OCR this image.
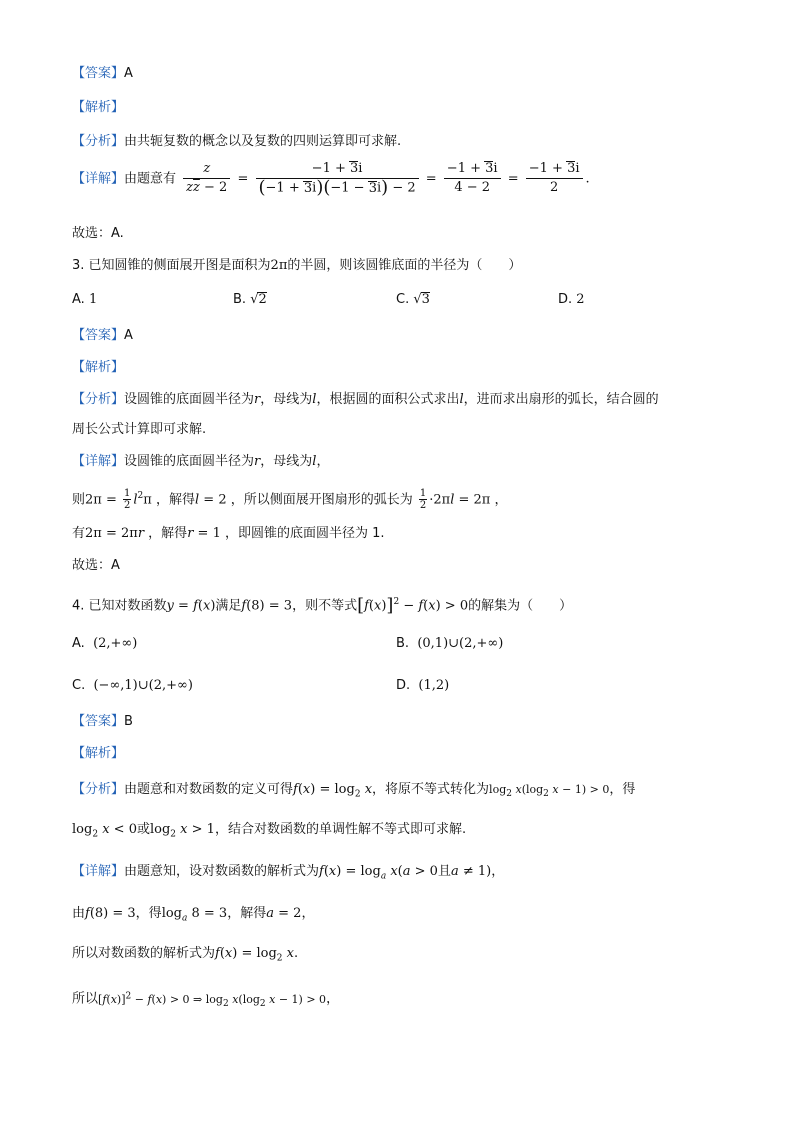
【答案】A
【解析】
【分析】由共轭复数的概念以及复数的四则运算即可求解.
【详解】由题意有 $\frac{z}{z\overline{z} - 2} = \frac{-1 + 3i}{(-1 + 3i)(-1 - 3i) - 2} = \frac{-1 + 3i}{4 - 2} = \frac{-1 + 3i}{2}$ .
故选：A.
3. 已知圆锥的侧面展开图是面积为2π的半圆，则该圆锥底面的半径为（　　）
A. 1	B. √2	C. √3	D. 2
【答案】A
【解析】
【分析】设圆锥的底面圆半径为r，母线为l，根据圆的面积公式求出l，进而求出扇形的弧长，结合圆的
周长公式计算即可求解.
【详解】设圆锥的底面圆半径为r，母线为l，
则$2\pi = \frac{1}{2} l^2\pi$ ，解得l = 2 ，所以侧面展开图扇形的弧长为 $\frac{1}{2} \cdot 2\pi l = 2\pi$ ，
有2π = 2πr ，解得r = 1 ，即圆锥的底面圆半径为 1.
故选：A
4. 已知对数函数y = f(x)满足f(8) = 3，则不等式$[f(x)]^2 - f(x) > 0$的解集为（　　）
A. (2,+∞)	B. (0,1)∪(2,+∞)
C. (−∞,1)∪(2,+∞)	D. (1,2)
【答案】B
【解析】
【分析】由题意和对数函数的定义可得$f(x) = \log_2 x$，将原不等式转化为$\log_2 x(\log_2$ x − 1) > 0，得
$\log_2 x < 0$或$\log_2 x > 1$，结合对数函数的单调性解不等式即可求解.
【详解】由题意知，设对数函数的解析式为$f(x) = \log_a x(a > 0$且a ≠ 1)，
由f(8) = 3，得$\log_a 8 = 3$，解得a = 2，
所以对数函数的解析式为$f(x) = \log_2 x$.
所以$[f(x)]^2 - f(x) > 0$ ⇒ $\log_2 x(\log_2$ x − 1) > 0，
